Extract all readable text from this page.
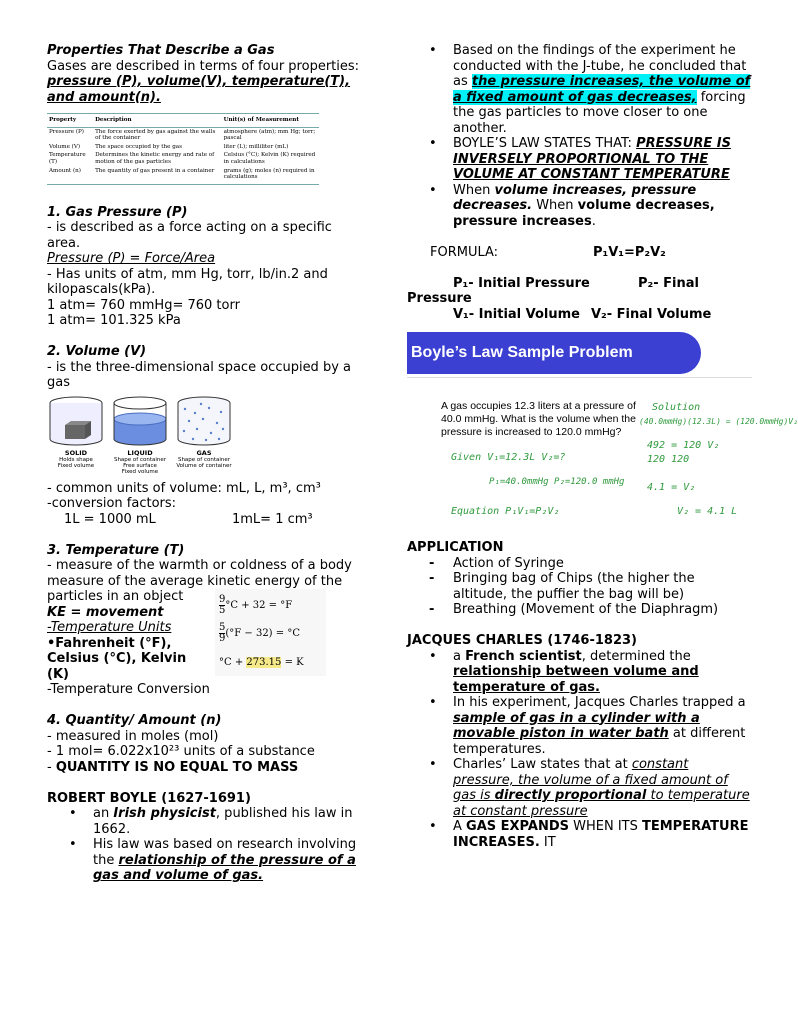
Properties That Describe a Gas

Gases are described in terms of four properties: pressure (P), volume(V), temperature(T), and amount(n).

Property	Description	Unit(s) of Measurement
Pressure (P)	The force exerted by gas against the walls of the container	atmosphere (atm); mm Hg; torr; pascal
Volume (V)	The space occupied by the gas	liter (L); milliliter (mL)
Temperature (T)	Determines the kinetic energy and rate of motion of the gas particles	Celsius (°C); Kelvin (K) required in calculations
Amount (n)	The quantity of gas present in a container	grams (g); moles (n) required in calculations

1. Gas Pressure (P)

- is described as a force acting on a specific area.

Pressure (P) = Force/Area

- Has units of atm, mm Hg, torr, lb/in.2 and kilopascals(kPa).

1 atm= 760 mmHg= 760 torr

1 atm= 101.325 kPa

2. Volume (V)

- is the three-dimensional space occupied by a gas

SOLID
Holds shape
Fixed volume
LIQUID
Shape of container
Free surface
Fixed volume
GAS
Shape of container
Volume of container

- common units of volume: mL, L, m³, cm³

-conversion factors:

1L = 1000 mL	1mL= 1 cm³

3. Temperature (T)

- measure of the warmth or coldness of a body

measure of the average kinetic energy of the

particles in an object

KE = movement

-Temperature Units

•Fahrenheit (°F), Celsius (°C), Kelvin (K)

-Temperature Conversion

$\frac{9}{5}^\circ C + 32 = ^\circ F$
$\frac{5}{9}(^\circ F - 32) = ^\circ C$
°C + 273.15 = K

4. Quantity/ Amount (n)

- measured in moles (mol)

- 1 mol= 6.022x10²³ units of a substance

- QUANTITY IS NO EQUAL TO MASS

ROBERT BOYLE (1627-1691)

• an Irish physicist, published his law in 1662.
• His law was based on research involving the relationship of the pressure of a gas and volume of gas.
• Based on the findings of the experiment he conducted with the J-tube, he concluded that as the pressure increases, the volume of a fixed amount of gas decreases, forcing the gas particles to move closer to one another.
• BOYLE’S LAW STATES THAT: PRESSURE IS INVERSELY PROPORTIONAL TO THE VOLUME AT CONSTANT TEMPERATURE
• When volume increases, pressure decreases. When volume decreases, pressure increases.

FORMULA:	P₁V₁=P₂V₂

P₁- Initial Pressure	P₂- Final Pressure

V₁- Initial Volume V₂- Final Volume

Boyle’s Law Sample Problem
A gas occupies 12.3 liters at a pressure of 40.0 mmHg. What is the volume when the pressure is increased to 120.0 mmHg?
Solution
(40.0mmHg)(12.3L) = (120.0mmHg)V₂
492 = 120 V₂
120 120
Given V₁=12.3L V₂=?
P₁=40.0mmHg P₂=120.0 mmHg 4.1 = V₂
Equation P₁V₁=P₂V₂	V₂ = 4.1 L

APPLICATION

- Action of Syringe
- Bringing bag of Chips (the higher the altitude, the puffier the bag will be)
- Breathing (Movement of the Diaphragm)

JACQUES CHARLES (1746-1823)

• a French scientist, determined the relationship between volume and temperature of gas.
• In his experiment, Jacques Charles trapped a sample of gas in a cylinder with a movable piston in water bath at different temperatures.
• Charles’ Law states that at constant pressure, the volume of a fixed amount of gas is directly proportional to temperature at constant pressure
• A GAS EXPANDS WHEN ITS TEMPERATURE INCREASES. IT
